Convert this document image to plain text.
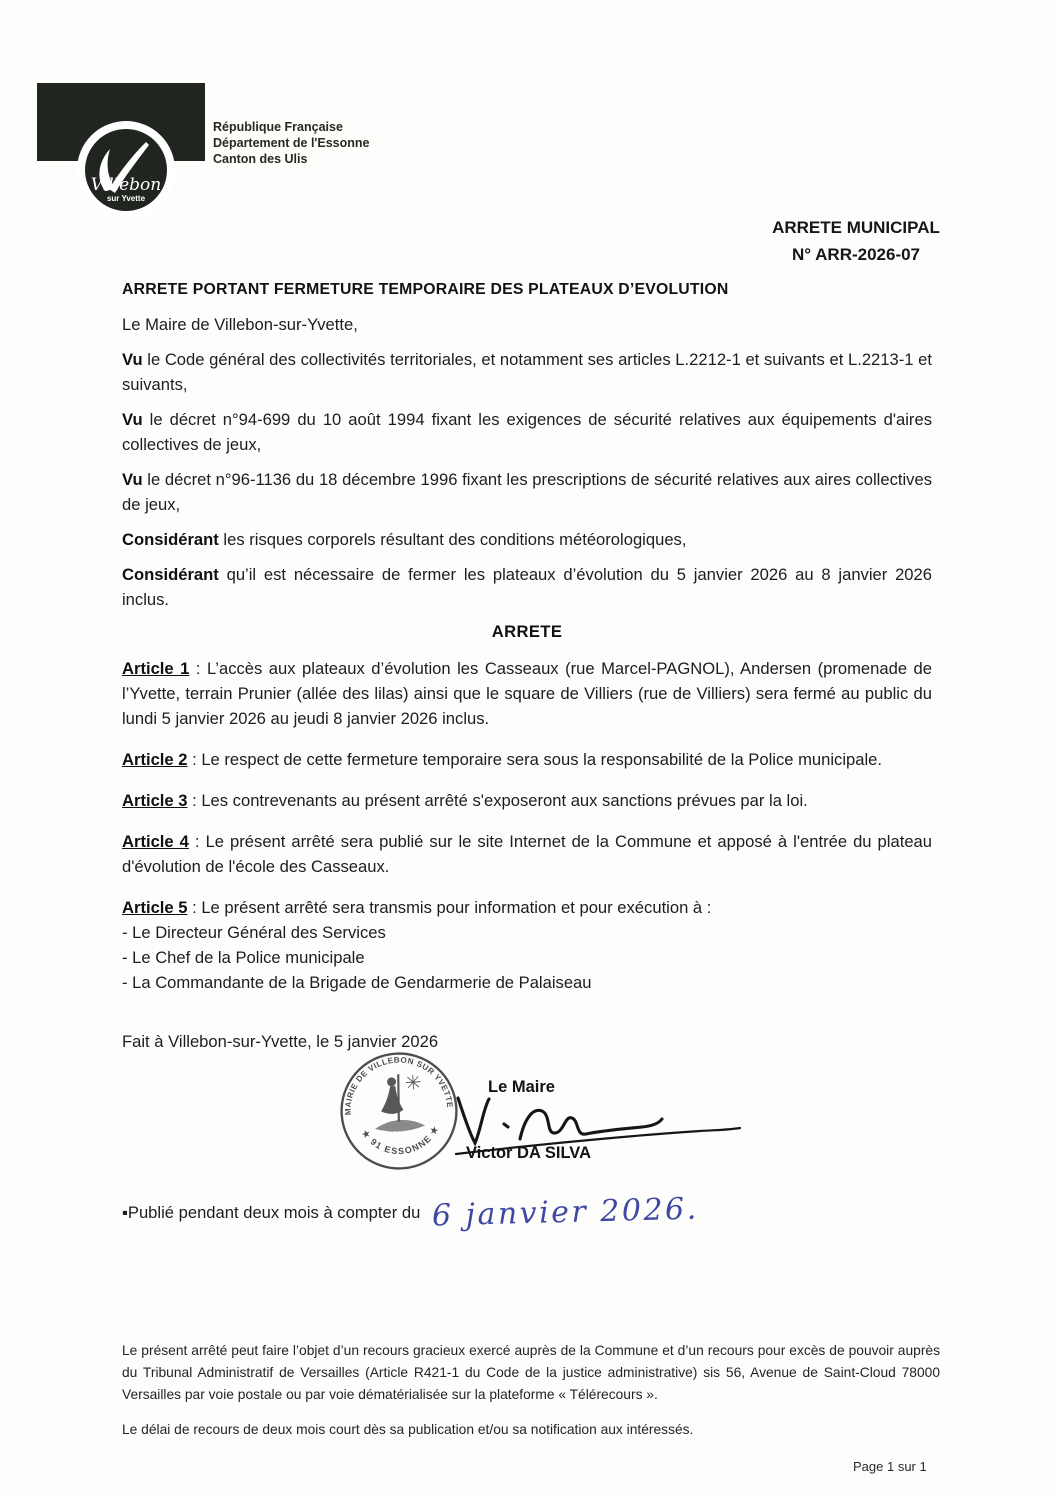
Villebon
sur Yvette
République Française
Département de l'Essonne
Canton des Ulis
ARRETE MUNICIPAL
N° ARR-2026-07
ARRETE PORTANT FERMETURE TEMPORAIRE DES PLATEAUX D’EVOLUTION

Le Maire de Villebon-sur-Yvette,

Vu le Code général des collectivités territoriales, et notamment ses articles L.2212-1 et suivants et L.2213-1 et suivants,

Vu le décret n°94-699 du 10 août 1994 fixant les exigences de sécurité relatives aux équipements d'aires collectives de jeux,

Vu le décret n°96-1136 du 18 décembre 1996 fixant les prescriptions de sécurité relatives aux aires collectives de jeux,

Considérant les risques corporels résultant des conditions météorologiques,

Considérant qu’il est nécessaire de fermer les plateaux d’évolution du 5 janvier 2026 au 8 janvier 2026 inclus.

ARRETE

Article 1 : L’accès aux plateaux d’évolution les Casseaux (rue Marcel-PAGNOL), Andersen (promenade de l’Yvette, terrain Prunier (allée des lilas) ainsi que le square de Villiers (rue de Villiers) sera fermé au public du lundi 5 janvier 2026 au jeudi 8 janvier 2026 inclus.

Article 2 : Le respect de cette fermeture temporaire sera sous la responsabilité de la Police municipale.

Article 3 : Les contrevenants au présent arrêté s'exposeront aux sanctions prévues par la loi.

Article 4 : Le présent arrêté sera publié sur le site Internet de la Commune et apposé à l'entrée du plateau d'évolution de l'école des Casseaux.

Article 5 : Le présent arrêté sera transmis pour information et pour exécution à :

- Le Directeur Général des Services
- Le Chef de la Police municipale
- La Commandante de la Brigade de Gendarmerie de Palaiseau
Fait à Villebon-sur-Yvette, le 5 janvier 2026
MAIRIE DE VILLEBON SUR YVETTE
★ 91 ESSONNE ★
REPUBLIQUE FRANCAISE
Le Maire
Victor DA SILVA
▪Publié pendant deux mois à compter du 6 janvier 2026.

Le présent arrêté peut faire l’objet d’un recours gracieux exercé auprès de la Commune et d’un recours pour excès de pouvoir auprès du Tribunal Administratif de Versailles (Article R421-1 du Code de la justice administrative) sis 56, Avenue de Saint-Cloud 78000 Versailles par voie postale ou par voie dématérialisée sur la plateforme « Télérecours ».

Le délai de recours de deux mois court dès sa publication et/ou sa notification aux intéressés.

Page 1 sur 1
